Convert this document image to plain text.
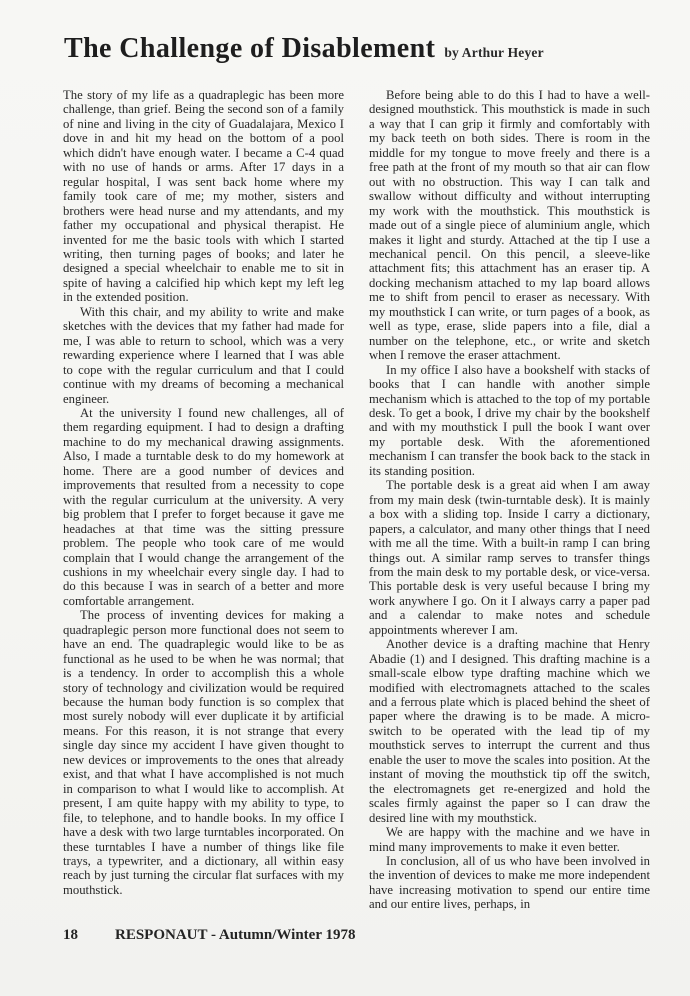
The Challenge of Disablement by Arthur Heyer

The story of my life as a quadraplegic has been more challenge, than grief. Being the second son of a family of nine and living in the city of Guadalajara, Mexico I dove in and hit my head on the bottom of a pool which didn't have enough water. I became a C-4 quad with no use of hands or arms. After 17 days in a regular hospital, I was sent back home where my family took care of me; my mother, sisters and brothers were head nurse and my attendants, and my father my occupational and physical therapist. He invented for me the basic tools with which I started writing, then turning pages of books; and later he designed a special wheelchair to enable me to sit in spite of having a calcified hip which kept my left leg in the extended position.

With this chair, and my ability to write and make sketches with the devices that my father had made for me, I was able to return to school, which was a very rewarding experience where I learned that I was able to cope with the regular curriculum and that I could continue with my dreams of becoming a mechanical engineer.

At the university I found new challenges, all of them regarding equipment. I had to design a drafting machine to do my mechanical drawing assignments. Also, I made a turntable desk to do my homework at home. There are a good number of devices and improvements that resulted from a necessity to cope with the regular curriculum at the university. A very big problem that I prefer to forget because it gave me headaches at that time was the sitting pressure problem. The people who took care of me would complain that I would change the arrangement of the cushions in my wheelchair every single day. I had to do this because I was in search of a better and more comfortable arrangement.

The process of inventing devices for making a quadraplegic person more functional does not seem to have an end. The quadraplegic would like to be as functional as he used to be when he was normal; that is a tendency. In order to accomplish this a whole story of technology and civilization would be required because the human body function is so complex that most surely nobody will ever duplicate it by artificial means. For this reason, it is not strange that every single day since my accident I have given thought to new devices or improvements to the ones that already exist, and that what I have accomplished is not much in comparison to what I would like to accomplish. At present, I am quite happy with my ability to type, to file, to telephone, and to handle books. In my office I have a desk with two large turntables incorporated. On these turntables I have a number of things like file trays, a typewriter, and a dictionary, all within easy reach by just turning the circular flat surfaces with my mouthstick.

Before being able to do this I had to have a well-designed mouthstick. This mouthstick is made in such a way that I can grip it firmly and comfortably with my back teeth on both sides. There is room in the middle for my tongue to move freely and there is a free path at the front of my mouth so that air can flow out with no obstruction. This way I can talk and swallow without difficulty and without interrupting my work with the mouthstick. This mouthstick is made out of a single piece of aluminium angle, which makes it light and sturdy. Attached at the tip I use a mechanical pencil. On this pencil, a sleeve-like attachment fits; this attachment has an eraser tip. A docking mechanism attached to my lap board allows me to shift from pencil to eraser as necessary. With my mouthstick I can write, or turn pages of a book, as well as type, erase, slide papers into a file, dial a number on the telephone, etc., or write and sketch when I remove the eraser attachment.

In my office I also have a bookshelf with stacks of books that I can handle with another simple mechanism which is attached to the top of my portable desk. To get a book, I drive my chair by the bookshelf and with my mouthstick I pull the book I want over my portable desk. With the aforementioned mechanism I can transfer the book back to the stack in its standing position.

The portable desk is a great aid when I am away from my main desk (twin-turntable desk). It is mainly a box with a sliding top. Inside I carry a dictionary, papers, a calculator, and many other things that I need with me all the time. With a built-in ramp I can bring things out. A similar ramp serves to transfer things from the main desk to my portable desk, or vice-versa. This portable desk is very useful because I bring my work anywhere I go. On it I always carry a paper pad and a calendar to make notes and schedule appointments wherever I am.

Another device is a drafting machine that Henry Abadie (1) and I designed. This drafting machine is a small-scale elbow type drafting machine which we modified with electromagnets attached to the scales and a ferrous plate which is placed behind the sheet of paper where the drawing is to be made. A micro-switch to be operated with the lead tip of my mouthstick serves to interrupt the current and thus enable the user to move the scales into position. At the instant of moving the mouthstick tip off the switch, the electromagnets get re-energized and hold the scales firmly against the paper so I can draw the desired line with my mouthstick.

We are happy with the machine and we have in mind many improvements to make it even better.

In conclusion, all of us who have been involved in the invention of devices to make me more independent have increasing motivation to spend our entire time and our entire lives, perhaps, in

18	RESPONAUT - Autumn/Winter 1978
